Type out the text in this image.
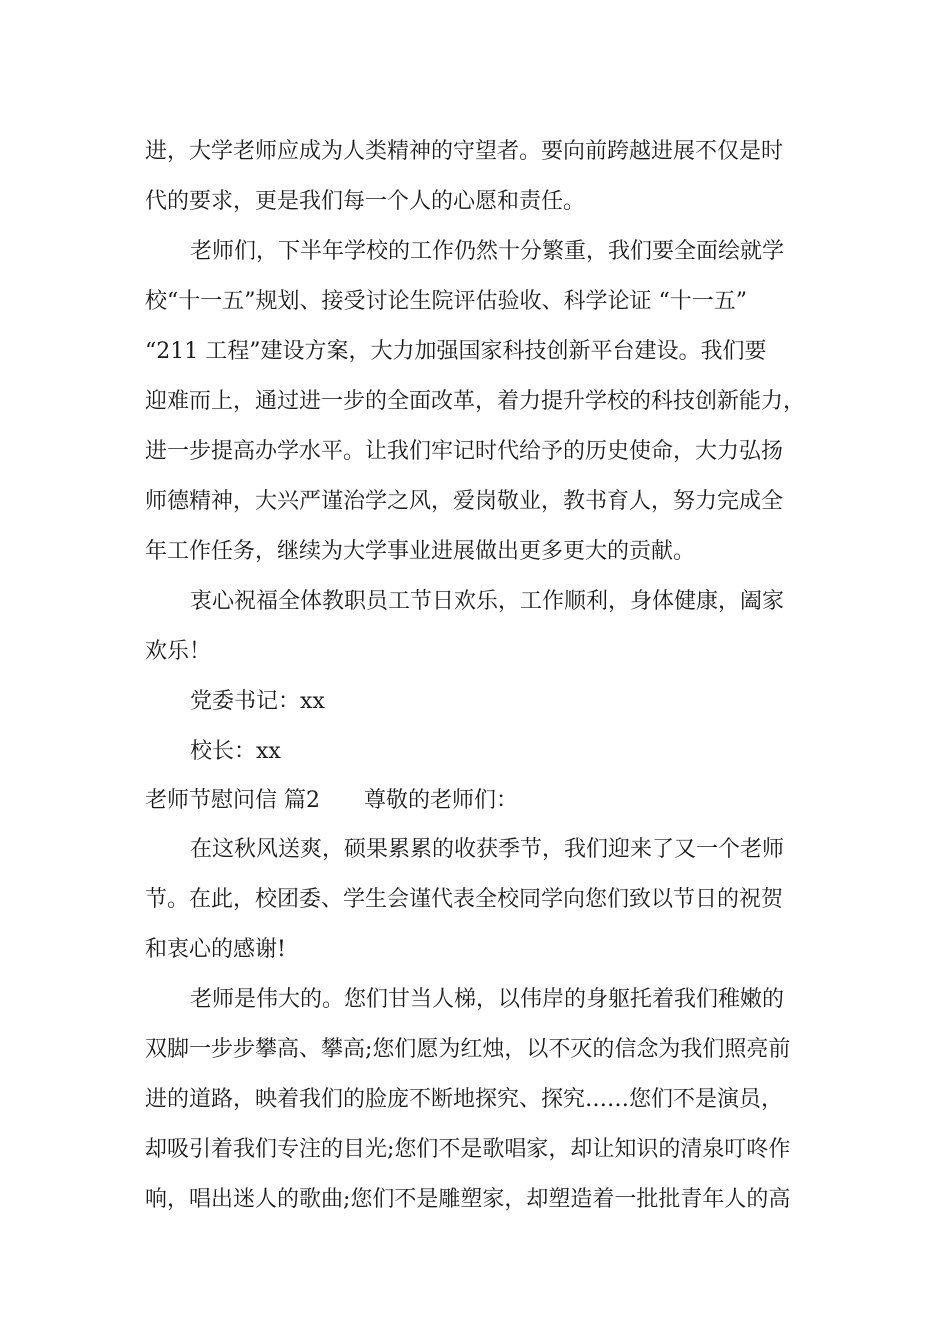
进，大学老师应成为人类精神的守望者。要向前跨越进展不仅是时
代的要求，更是我们每一个人的心愿和责任。
老师们，下半年学校的工作仍然十分繁重，我们要全面绘就学
校“十一五”规划、接受讨论生院评估验收、科学论证 “十一五”
“211 工程”建设方案，大力加强国家科技创新平台建设。我们要
迎难而上，通过进一步的全面改革，着力提升学校的科技创新能力，
进一步提高办学水平。让我们牢记时代给予的历史使命，大力弘扬
师德精神，大兴严谨治学之风，爱岗敬业，教书育人，努力完成全
年工作任务，继续为大学事业进展做出更多更大的贡献。
衷心祝福全体教职员工节日欢乐，工作顺利，身体健康，阖家
欢乐！
党委书记：xx
校长：xx
老师节慰问信 篇2 尊敬的老师们：
在这秋风送爽，硕果累累的收获季节，我们迎来了又一个老师
节。在此，校团委、学生会谨代表全校同学向您们致以节日的祝贺
和衷心的感谢!
老师是伟大的。您们甘当人梯，以伟岸的身躯托着我们稚嫩的
双脚一步步攀高、攀高;您们愿为红烛，以不灭的信念为我们照亮前
进的道路，映着我们的脸庞不断地探究、探究……您们不是演员，
却吸引着我们专注的目光;您们不是歌唱家，却让知识的清泉叮咚作
响，唱出迷人的歌曲;您们不是雕塑家，却塑造着一批批青年人的高
